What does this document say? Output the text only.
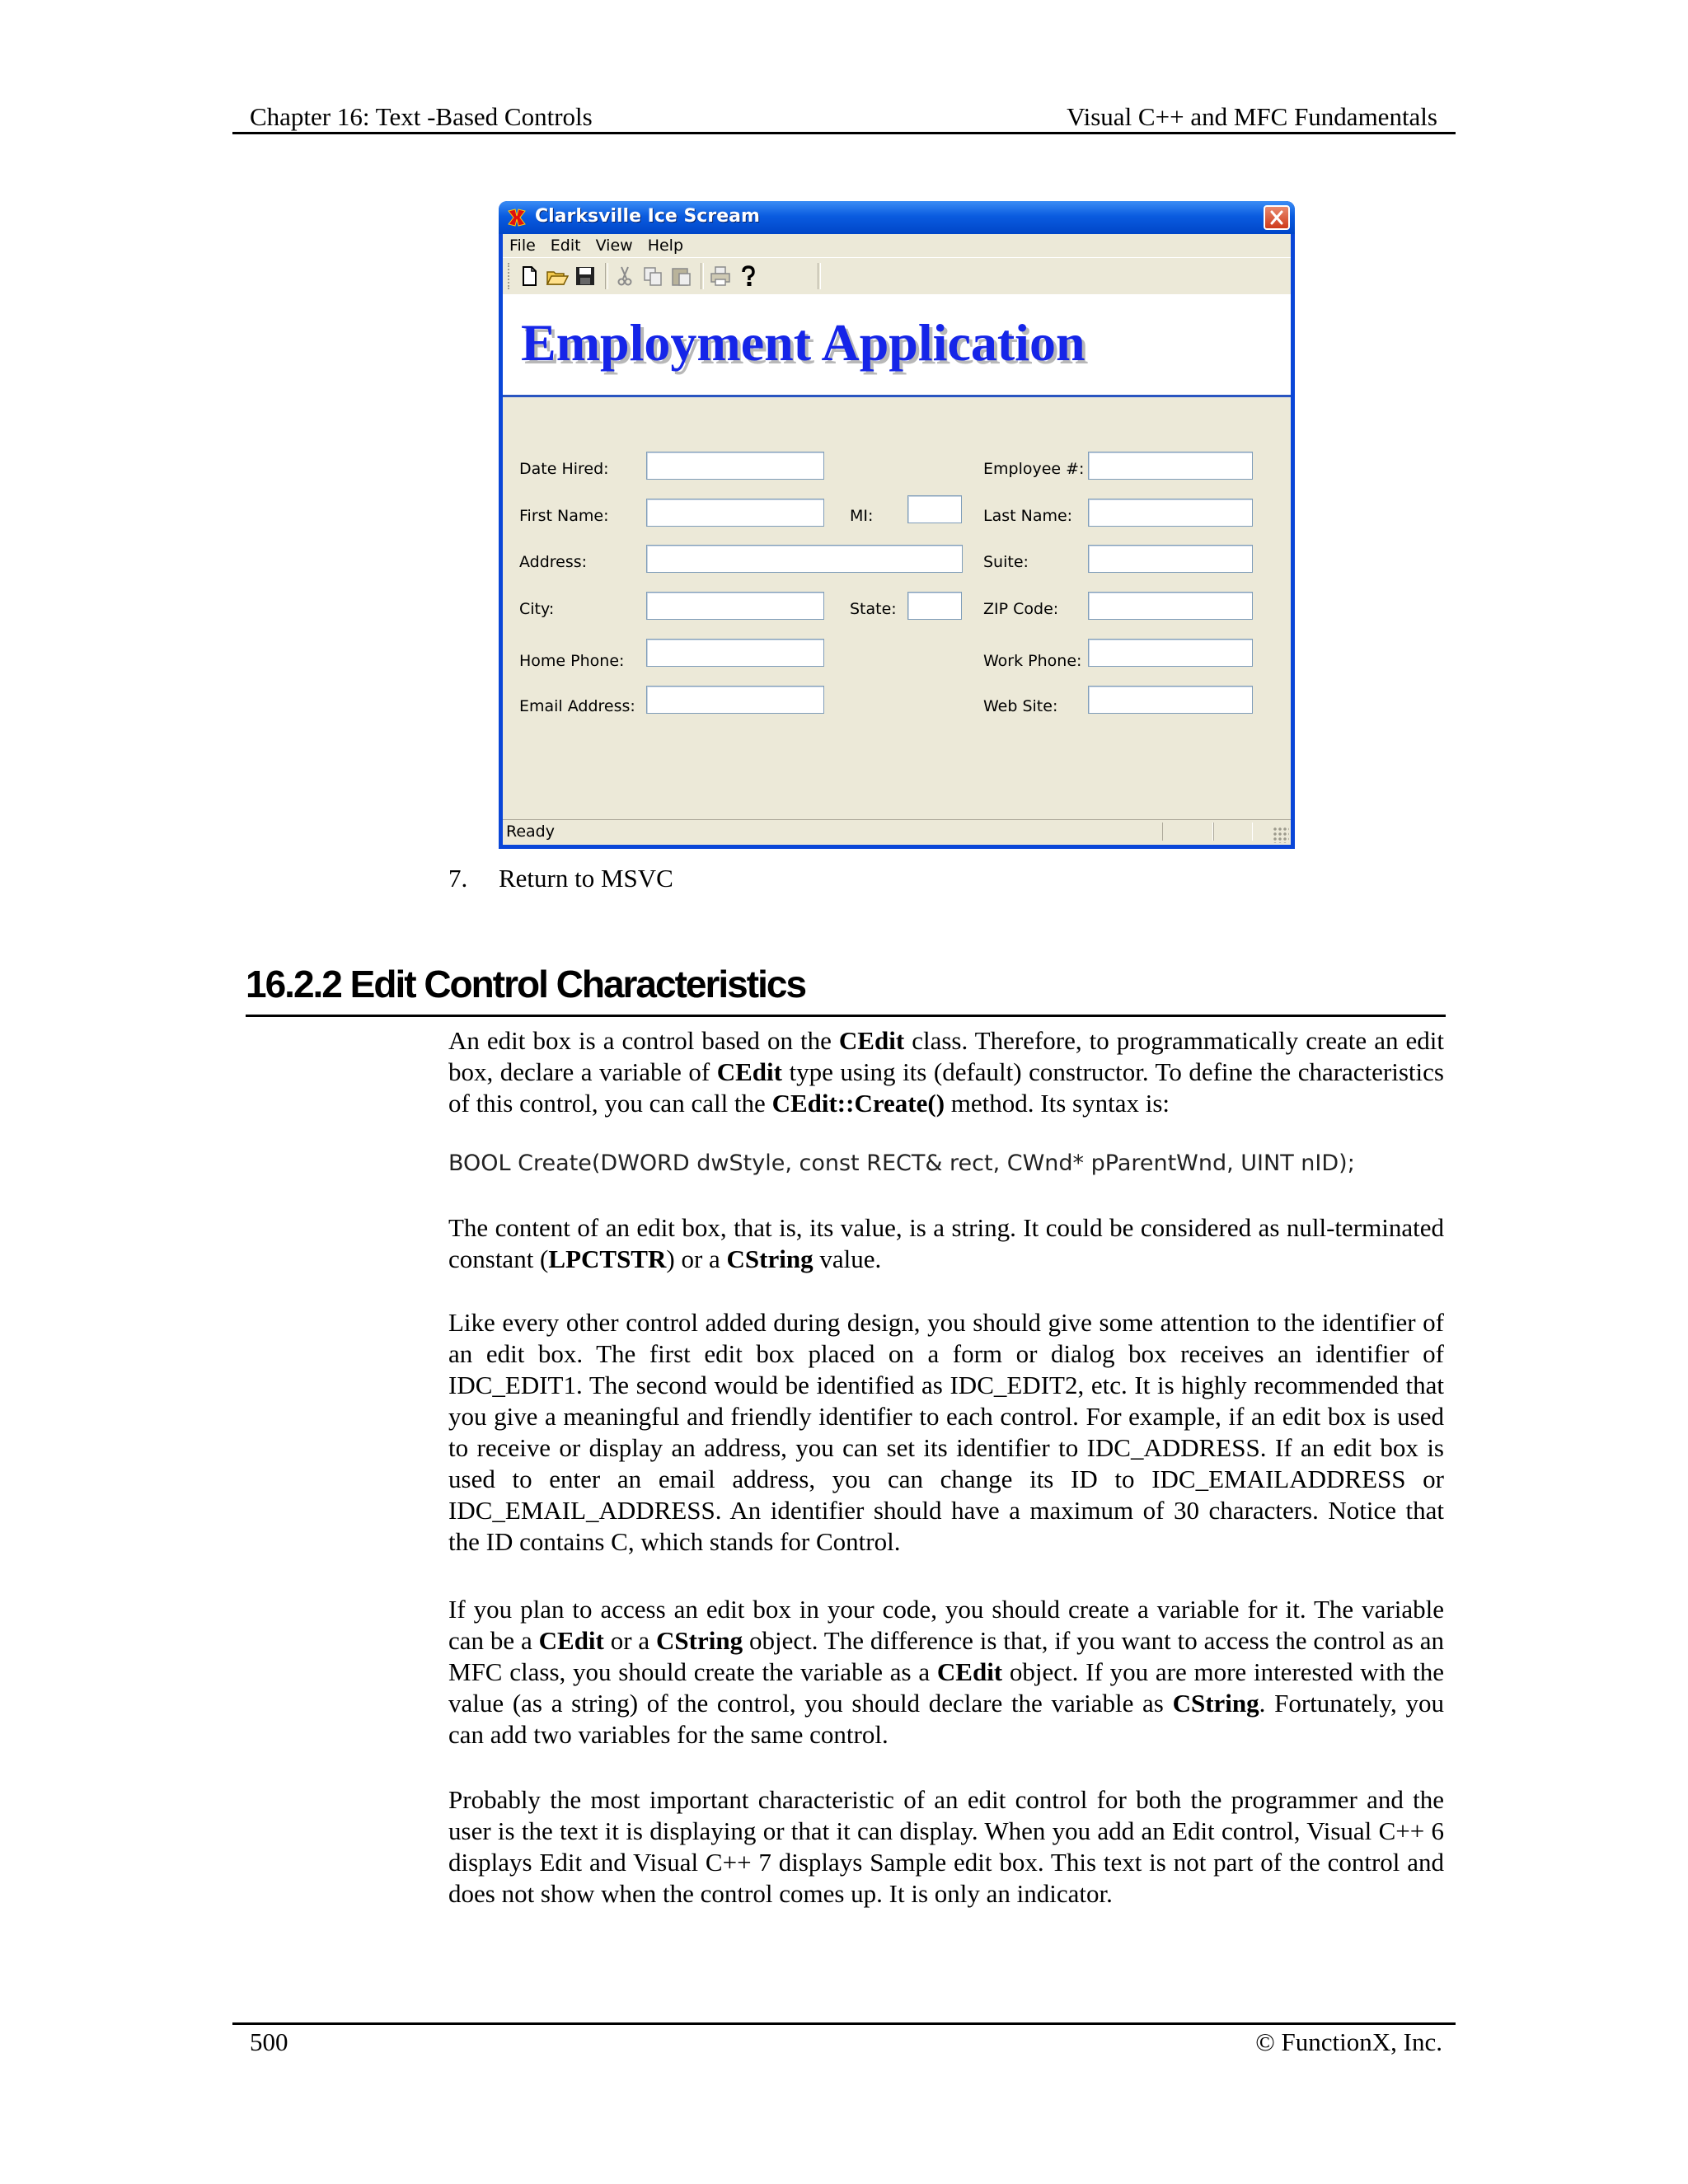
Chapter 16: Text -Based Controls	Visual C++ and MFC Fundamentals
Clarksville Ice Scream
File Edit View Help
Employment Application
Date Hired:
First Name:
Address:
City:
Home Phone:
Email Address:
MI:
State:
Employee #:
Last Name:
Suite:
ZIP Code:
Work Phone:
Web Site:
Ready
7. Return to MSVC
16.2.2 Edit Control Characteristics
An edit box is a control based on the CEdit class. Therefore, to programmatically create an edit box, declare a variable of CEdit type using its (default) constructor. To define the characteristics of this control, you can call the CEdit::Create() method. Its syntax is:
BOOL Create(DWORD dwStyle, const RECT& rect, CWnd* pParentWnd, UINT nID);
The content of an edit box, that is, its value, is a string. It could be considered as null-terminated constant (LPCTSTR) or a CString value.
Like every other control added during design, you should give some attention to the identifier of an edit box. The first edit box placed on a form or dialog box receives an identifier of IDC_EDIT1. The second would be identified as IDC_EDIT2, etc. It is highly recommended that you give a meaningful and friendly identifier to each control. For example, if an edit box is used to receive or display an address, you can set its identifier to IDC_ADDRESS. If an edit box is used to enter an email address, you can change its ID to IDC_EMAILADDRESS or IDC_EMAIL_ADDRESS. An identifier should have a maximum of 30 characters. Notice that the ID contains C, which stands for Control.
If you plan to access an edit box in your code, you should create a variable for it. The variable can be a CEdit or a CString object. The difference is that, if you want to access the control as an MFC class, you should create the variable as a CEdit object. If you are more interested with the value (as a string) of the control, you should declare the variable as CString. Fortunately, you can add two variables for the same control.
Probably the most important characteristic of an edit control for both the programmer and the user is the text it is displaying or that it can display. When you add an Edit control, Visual C++ 6 displays Edit and Visual C++ 7 displays Sample edit box. This text is not part of the control and does not show when the control comes up. It is only an indicator.
500	© FunctionX, Inc.
